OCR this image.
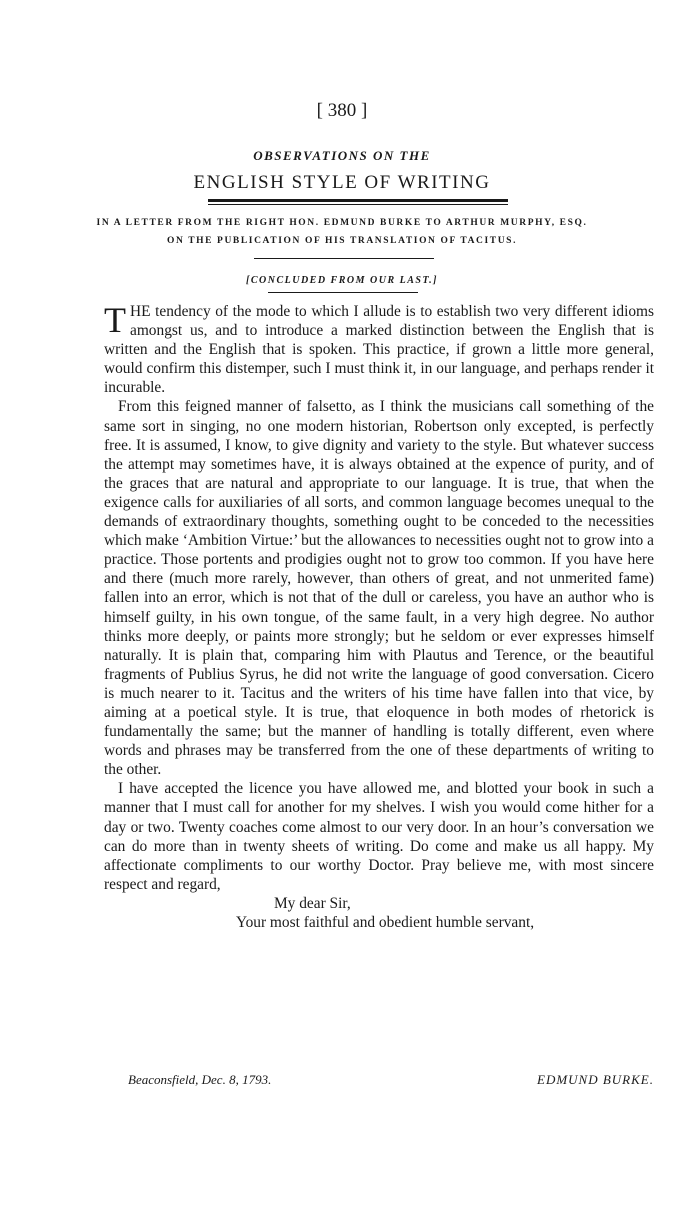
[ 380 ]
OBSERVATIONS ON THE
ENGLISH STYLE OF WRITING
IN A LETTER FROM THE RIGHT HON. EDMUND BURKE TO ARTHUR MURPHY, ESQ.
ON THE PUBLICATION OF HIS TRANSLATION OF TACITUS.
[CONCLUDED FROM OUR LAST.]

THE tendency of the mode to which I allude is to establish two very different idioms amongst us, and to introduce a marked distinction between the English that is written and the English that is spoken. This practice, if grown a little more general, would confirm this distemper, such I must think it, in our language, and perhaps render it incurable.

From this feigned manner of falsetto, as I think the musicians call something of the same sort in singing, no one modern historian, Robertson only excepted, is perfectly free. It is assumed, I know, to give dignity and variety to the style. But whatever success the attempt may sometimes have, it is always obtained at the expence of purity, and of the graces that are natural and appropriate to our language. It is true, that when the exigence calls for auxiliaries of all sorts, and common language becomes unequal to the demands of extraordinary thoughts, something ought to be conceded to the necessities which make ‘Ambition Virtue:’ but the allowances to necessities ought not to grow into a practice. Those portents and prodigies ought not to grow too common. If you have here and there (much more rarely, however, than others of great, and not unmerited fame) fallen into an error, which is not that of the dull or careless, you have an author who is himself guilty, in his own tongue, of the same fault, in a very high degree. No author thinks more deeply, or paints more strongly; but he seldom or ever expresses himself naturally. It is plain that, comparing him with Plautus and Terence, or the beautiful fragments of Publius Syrus, he did not write the language of good conversation. Cicero is much nearer to it. Tacitus and the writers of his time have fallen into that vice, by aiming at a poetical style. It is true, that eloquence in both modes of rhetorick is fundamentally the same; but the manner of handling is totally different, even where words and phrases may be transferred from the one of these departments of writing to the other.

I have accepted the licence you have allowed me, and blotted your book in such a manner that I must call for another for my shelves. I wish you would come hither for a day or two. Twenty coaches come almost to our very door. In an hour’s conversation we can do more than in twenty sheets of writing. Do come and make us all happy. My affectionate compliments to our worthy Doctor. Pray believe me, with most sincere respect and regard,

My dear Sir,

Your most faithful and obedient humble servant,

Beaconsfield, Dec. 8, 1793.	EDMUND BURKE.
